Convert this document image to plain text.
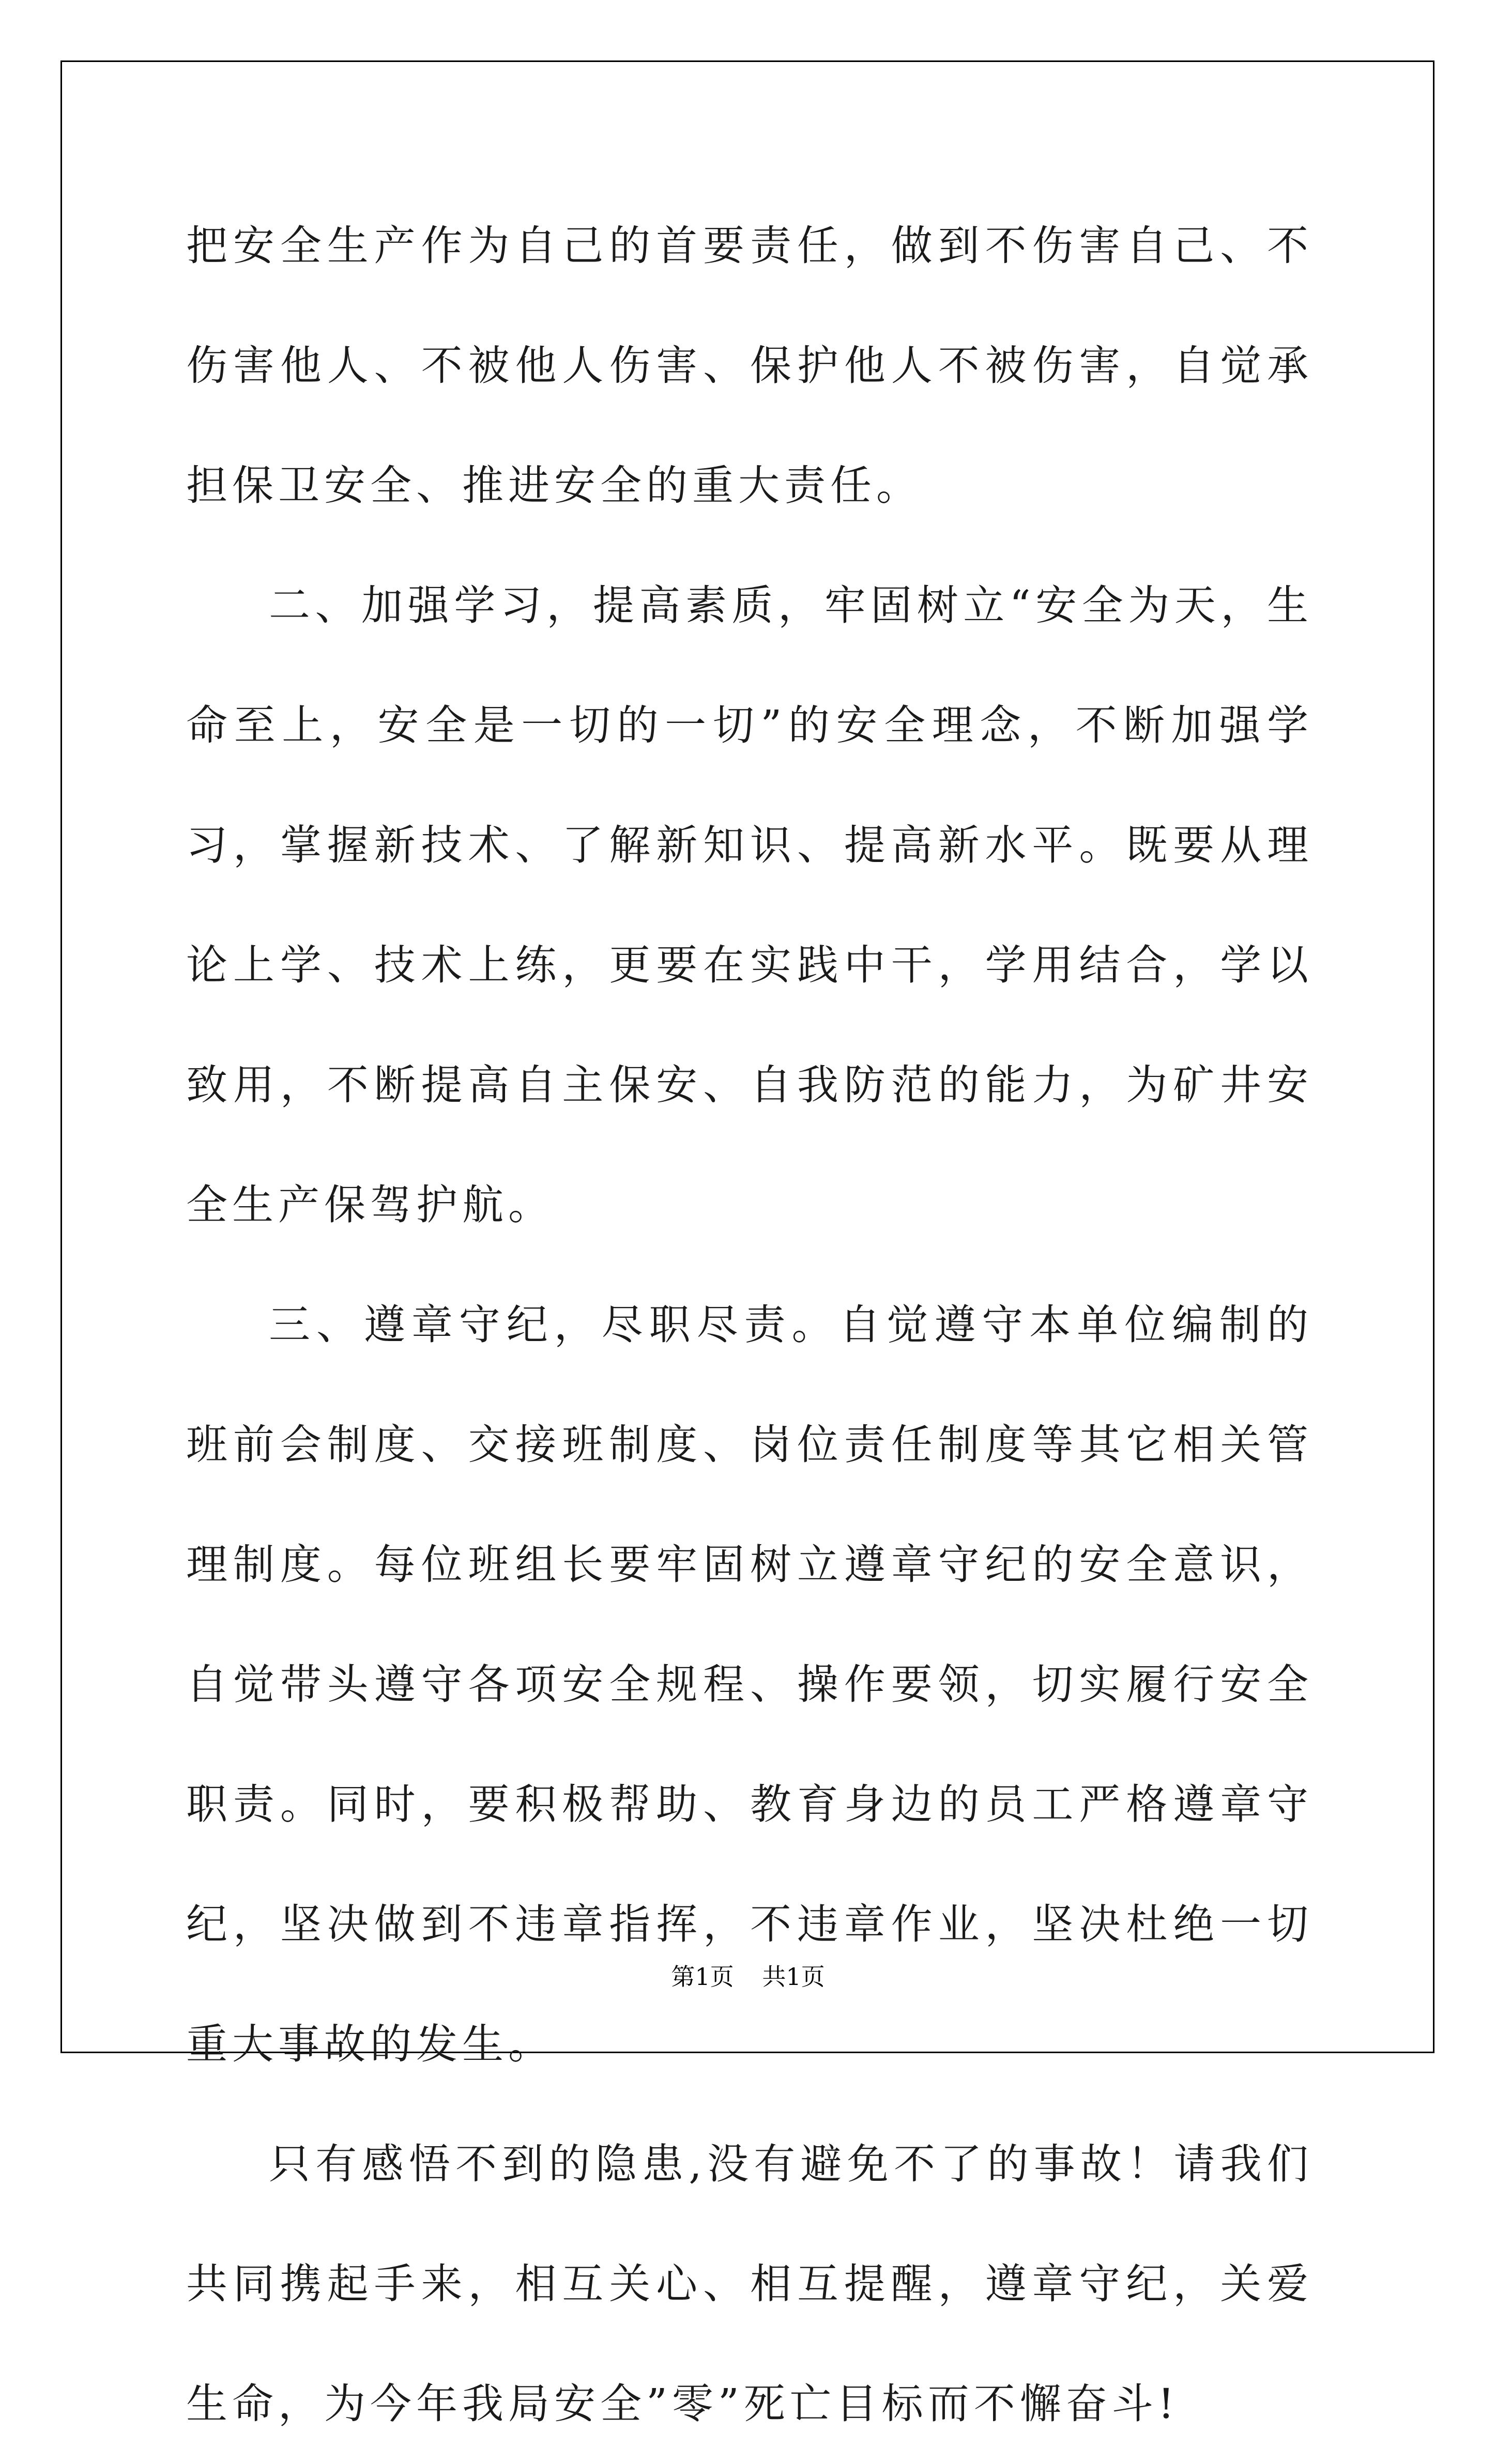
把安全生产作为自己的首要责任，做到不伤害自己、不伤害他人、不被他人伤害、保护他人不被伤害，自觉承担保卫安全、推进安全的重大责任。

二、加强学习，提高素质，牢固树立“安全为天，生命至上，安全是一切的一切”的安全理念，不断加强学习，掌握新技术、了解新知识、提高新水平。既要从理论上学、技术上练，更要在实践中干，学用结合，学以致用，不断提高自主保安、自我防范的能力，为矿井安全生产保驾护航。

三、遵章守纪，尽职尽责。自觉遵守本单位编制的班前会制度、交接班制度、岗位责任制度等其它相关管理制度。每位班组长要牢固树立遵章守纪的安全意识，自觉带头遵守各项安全规程、操作要领，切实履行安全职责。同时，要积极帮助、教育身边的员工严格遵章守纪，坚决做到不违章指挥，不违章作业，坚决杜绝一切重大事故的发生。

只有感悟不到的隐患,没有避免不了的事故！请我们共同携起手来，相互关心、相互提醒，遵章守纪，关爱生命，为今年我局安全”零”死亡目标而不懈奋斗!

第1页 共1页
